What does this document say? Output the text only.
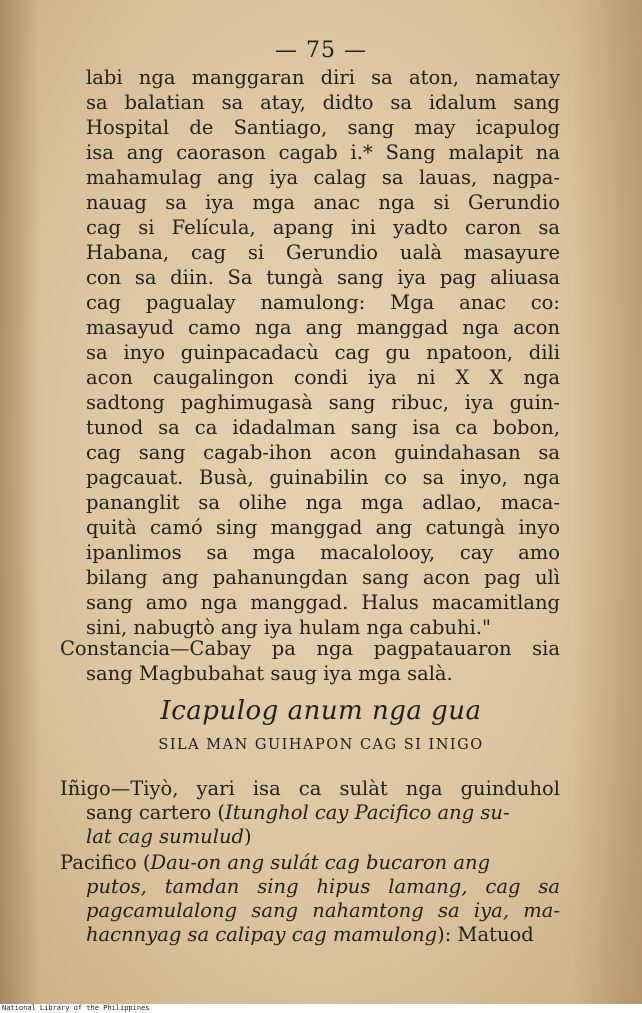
— 75 —
labi nga manggaran diri sa aton, namatay
sa balatian sa atay, didto sa idalum sang
Hospital de Santiago, sang may icapulog
isa ang caorason cagab i.* Sang malapit na
mahamulag ang iya calag sa lauas, nagpa-
nauag sa iya mga anac nga si Gerundio
cag si Felícula, apang ini yadto caron sa
Habana, cag si Gerundio ualà masayure
con sa diin. Sa tungà sang iya pag aliuasa
cag pagualay namulong: Mga anac co:
masayud camo nga ang manggad nga acon
sa inyo guinpacadacù cag gu npatoon, dili
acon caugalingon condi iya ni X X nga
sadtong paghimugasà sang ribuc, iya guin-
tunod sa ca idadalman sang isa ca bobon,
cag sang cagab-ihon acon guindahasan sa
pagcauat. Busà, guinabilin co sa inyo, nga
pananglit sa olihe nga mga adlao, maca-
quità camó sing manggad ang catungà inyo
ipanlimos sa mga macalolooy, cay amo
bilang ang pahanungdan sang acon pag ulì
sang amo nga manggad. Halus macamitlang
sini, nabugtò ang iya hulam nga cabuhi."
Constancia—Cabay pa nga pagpatauaron sia
sang Magbubahat saug iya mga salà.
Icapulog anum nga gua
SILA MAN GUIHAPON CAG SI INIGO
Iñigo—Tiyò, yari isa ca sulàt nga guinduhol
sang cartero (Itunghol cay Pacifico ang su-
lat cag sumulud)
Pacifico (Dau-on ang sulát cag bucaron ang
putos, tamdan sing hipus lamang, cag sa
pagcamulalong sang nahamtong sa iya, ma-
hacnnyag sa calipay cag mamulong): Matuod
National Library of the Philippines
